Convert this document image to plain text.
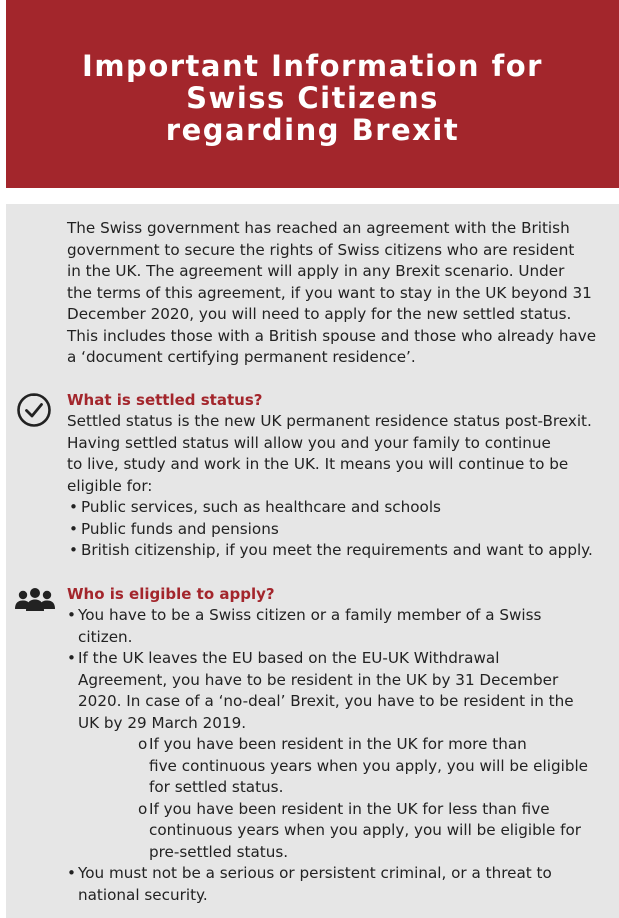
Important Information for
Swiss Citizens
regarding Brexit

The Swiss government has reached an agreement with the British
government to secure the rights of Swiss citizens who are resident
in the UK. The agreement will apply in any Brexit scenario. Under
the terms of this agreement, if you want to stay in the UK beyond 31
December 2020, you will need to apply for the new settled status.
This includes those with a British spouse and those who already have
a ‘document certifying permanent residence’.

What is settled status?

Settled status is the new UK permanent residence status post-Brexit.
Having settled status will allow you and your family to continue
to live, study and work in the UK. It means you will continue to be
eligible for:

• Public services, such as healthcare and schools
• Public funds and pensions
• British citizenship, if you meet the requirements and want to apply.
Who is eligible to apply?
• You have to be a Swiss citizen or a family member of a Swiss
citizen.
• If the UK leaves the EU based on the EU-UK Withdrawal
Agreement, you have to be resident in the UK by 31 December
2020. In case of a ‘no-deal’ Brexit, you have to be resident in the
UK by 29 March 2019.
o If you have been resident in the UK for more than
five continuous years when you apply, you will be eligible
for settled status.
o If you have been resident in the UK for less than five
continuous years when you apply, you will be eligible for
pre-settled status.
• You must not be a serious or persistent criminal, or a threat to
national security.
